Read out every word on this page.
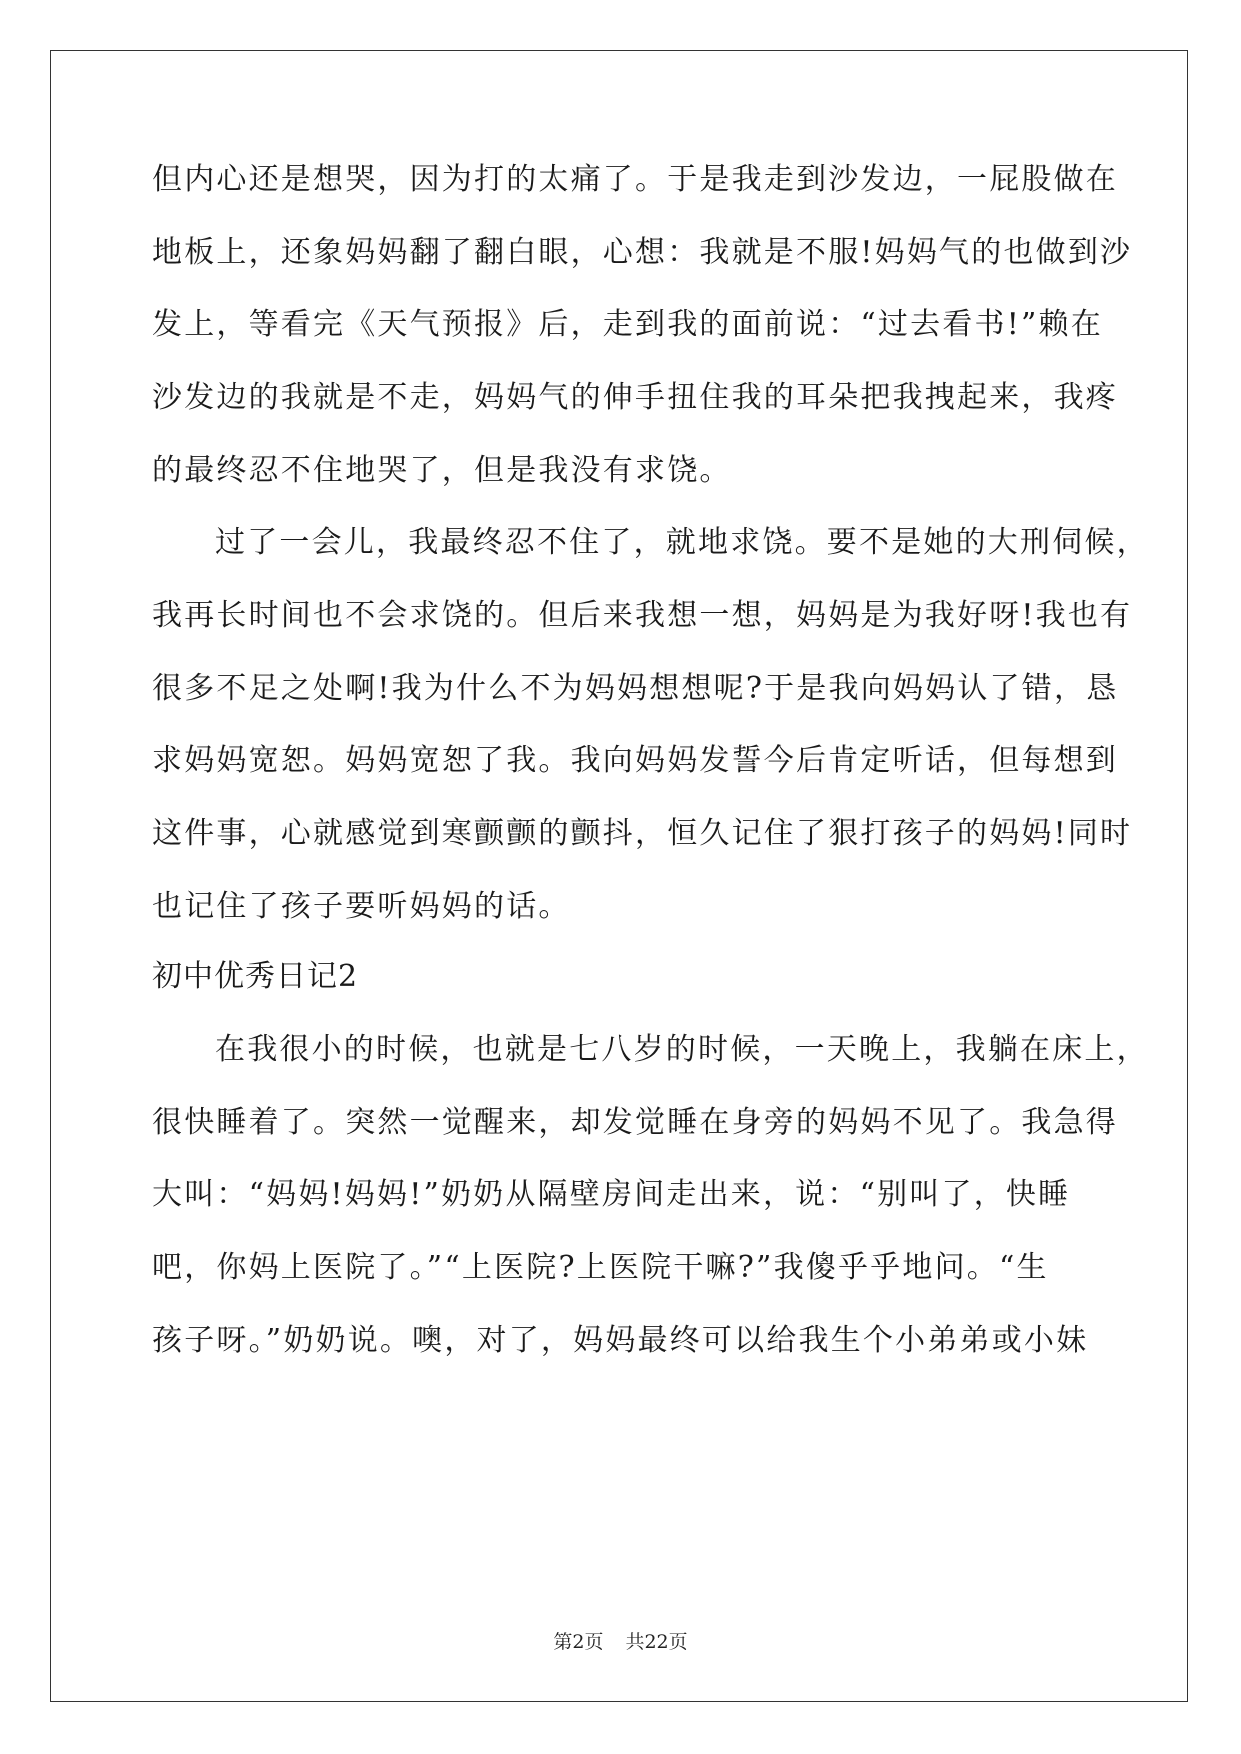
但内心还是想哭，因为打的太痛了。于是我走到沙发边，一屁股做在
地板上，还象妈妈翻了翻白眼，心想：我就是不服!妈妈气的也做到沙
发上，等看完《天气预报》后，走到我的面前说：“过去看书!”赖在
沙发边的我就是不走，妈妈气的伸手扭住我的耳朵把我拽起来，我疼
的最终忍不住地哭了，但是我没有求饶。
过了一会儿，我最终忍不住了，就地求饶。要不是她的大刑伺候，
我再长时间也不会求饶的。但后来我想一想，妈妈是为我好呀!我也有
很多不足之处啊!我为什么不为妈妈想想呢?于是我向妈妈认了错，恳
求妈妈宽恕。妈妈宽恕了我。我向妈妈发誓今后肯定听话，但每想到
这件事，心就感觉到寒颤颤的颤抖，恒久记住了狠打孩子的妈妈!同时
也记住了孩子要听妈妈的话。
初中优秀日记2
在我很小的时候，也就是七八岁的时候，一天晚上，我躺在床上，
很快睡着了。突然一觉醒来，却发觉睡在身旁的妈妈不见了。我急得
大叫：“妈妈!妈妈!”奶奶从隔壁房间走出来，说：“别叫了，快睡
吧，你妈上医院了。”“上医院?上医院干嘛?”我傻乎乎地问。“生
孩子呀。”奶奶说。噢，对了，妈妈最终可以给我生个小弟弟或小妹
第2页 共22页
